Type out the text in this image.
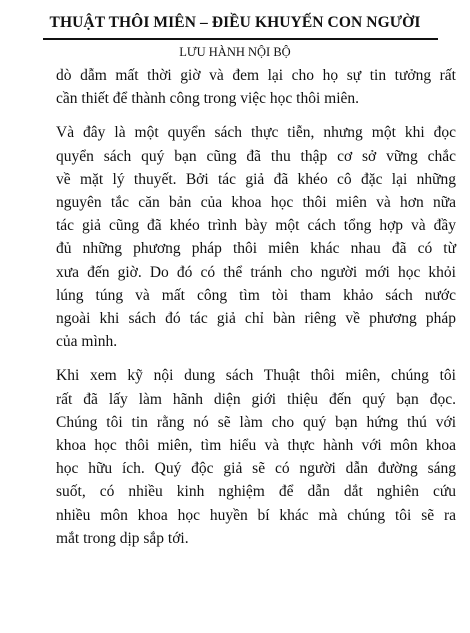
THUẬT THÔI MIÊN – ĐIỀU KHUYẾN CON NGƯỜI
LƯU HÀNH NỘI BỘ

dò dẫm mất thời giờ và đem lại cho họ sự tin tưởng rất
cần thiết để thành công trong việc học thôi miên.

Và đây là một quyển sách thực tiễn, nhưng một khi đọc
quyển sách quý bạn cũng đã thu thập cơ sở vững chắc
về mặt lý thuyết. Bởi tác giả đã khéo cô đặc lại những
nguyên tắc căn bản của khoa học thôi miên và hơn nữa
tác giả cũng đã khéo trình bày một cách tổng hợp và đầy
đủ những phương pháp thôi miên khác nhau đã có từ
xưa đến giờ. Do đó có thể tránh cho người mới học khỏi
lúng túng và mất công tìm tòi tham khảo sách nước
ngoài khi sách đó tác giả chỉ bàn riêng về phương pháp
của mình.

Khi xem kỹ nội dung sách Thuật thôi miên, chúng tôi
rất đã lấy làm hãnh diện giới thiệu đến quý bạn đọc.
Chúng tôi tin rằng nó sẽ làm cho quý bạn hứng thú với
khoa học thôi miên, tìm hiểu và thực hành với môn khoa
học hữu ích. Quý độc giả sẽ có người dẫn đường sáng
suốt, có nhiều kinh nghiệm để dẫn dắt nghiên cứu
nhiều môn khoa học huyền bí khác mà chúng tôi sẽ ra
mắt trong dịp sắp tới.
